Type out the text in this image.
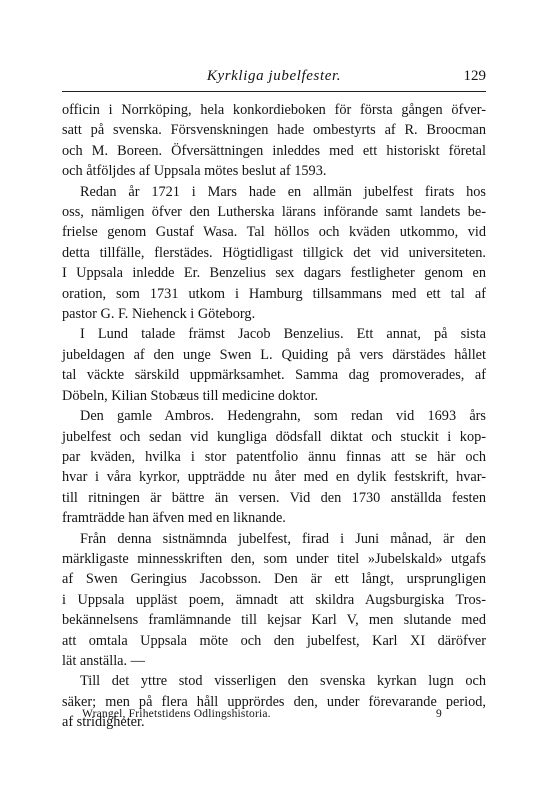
Kyrkliga jubelfester.	129
officin i Norrköping, hela konkordieboken för första gången öfver-
satt på svenska. Försvenskningen hade ombestyrts af R. Broocman
och M. Boreen. Öfversättningen inleddes med ett historiskt företal
och åtföljdes af Uppsala mötes beslut af 1593.
Redan år 1721 i Mars hade en allmän jubelfest firats hos
oss, nämligen öfver den Lutherska lärans införande samt landets be-
frielse genom Gustaf Wasa. Tal höllos och kväden utkommo, vid
detta tillfälle, flerstädes. Högtidligast tillgick det vid universiteten.
I Uppsala inledde Er. Benzelius sex dagars festligheter genom en
oration, som 1731 utkom i Hamburg tillsammans med ett tal af
pastor G. F. Niehenck i Göteborg.
I Lund talade främst Jacob Benzelius. Ett annat, på sista
jubeldagen af den unge Swen L. Quiding på vers därstädes hållet
tal väckte särskild uppmärksamhet. Samma dag promoverades, af
Döbeln, Kilian Stobæus till medicine doktor.
Den gamle Ambros. Hedengrahn, som redan vid 1693 års
jubelfest och sedan vid kungliga dödsfall diktat och stuckit i kop-
par kväden, hvilka i stor patentfolio ännu finnas att se här och
hvar i våra kyrkor, uppträdde nu åter med en dylik festskrift, hvar-
till ritningen är bättre än versen. Vid den 1730 anställda festen
framträdde han äfven med en liknande.
Från denna sistnämnda jubelfest, firad i Juni månad, är den
märkligaste minnesskriften den, som under titel »Jubelskald» utgafs
af Swen Geringius Jacobsson. Den är ett långt, ursprungligen
i Uppsala uppläst poem, ämnadt att skildra Augsburgiska Tros-
bekännelsens framlämnande till kejsar Karl V, men slutande med
att omtala Uppsala möte och den jubelfest, Karl XI däröfver
lät anställa. —
Till det yttre stod visserligen den svenska kyrkan lugn och
säker; men på flera håll upprördes den, under förevarande period,
af stridigheter.
Wrangel, Frihetstidens Odlingshistoria.	9
